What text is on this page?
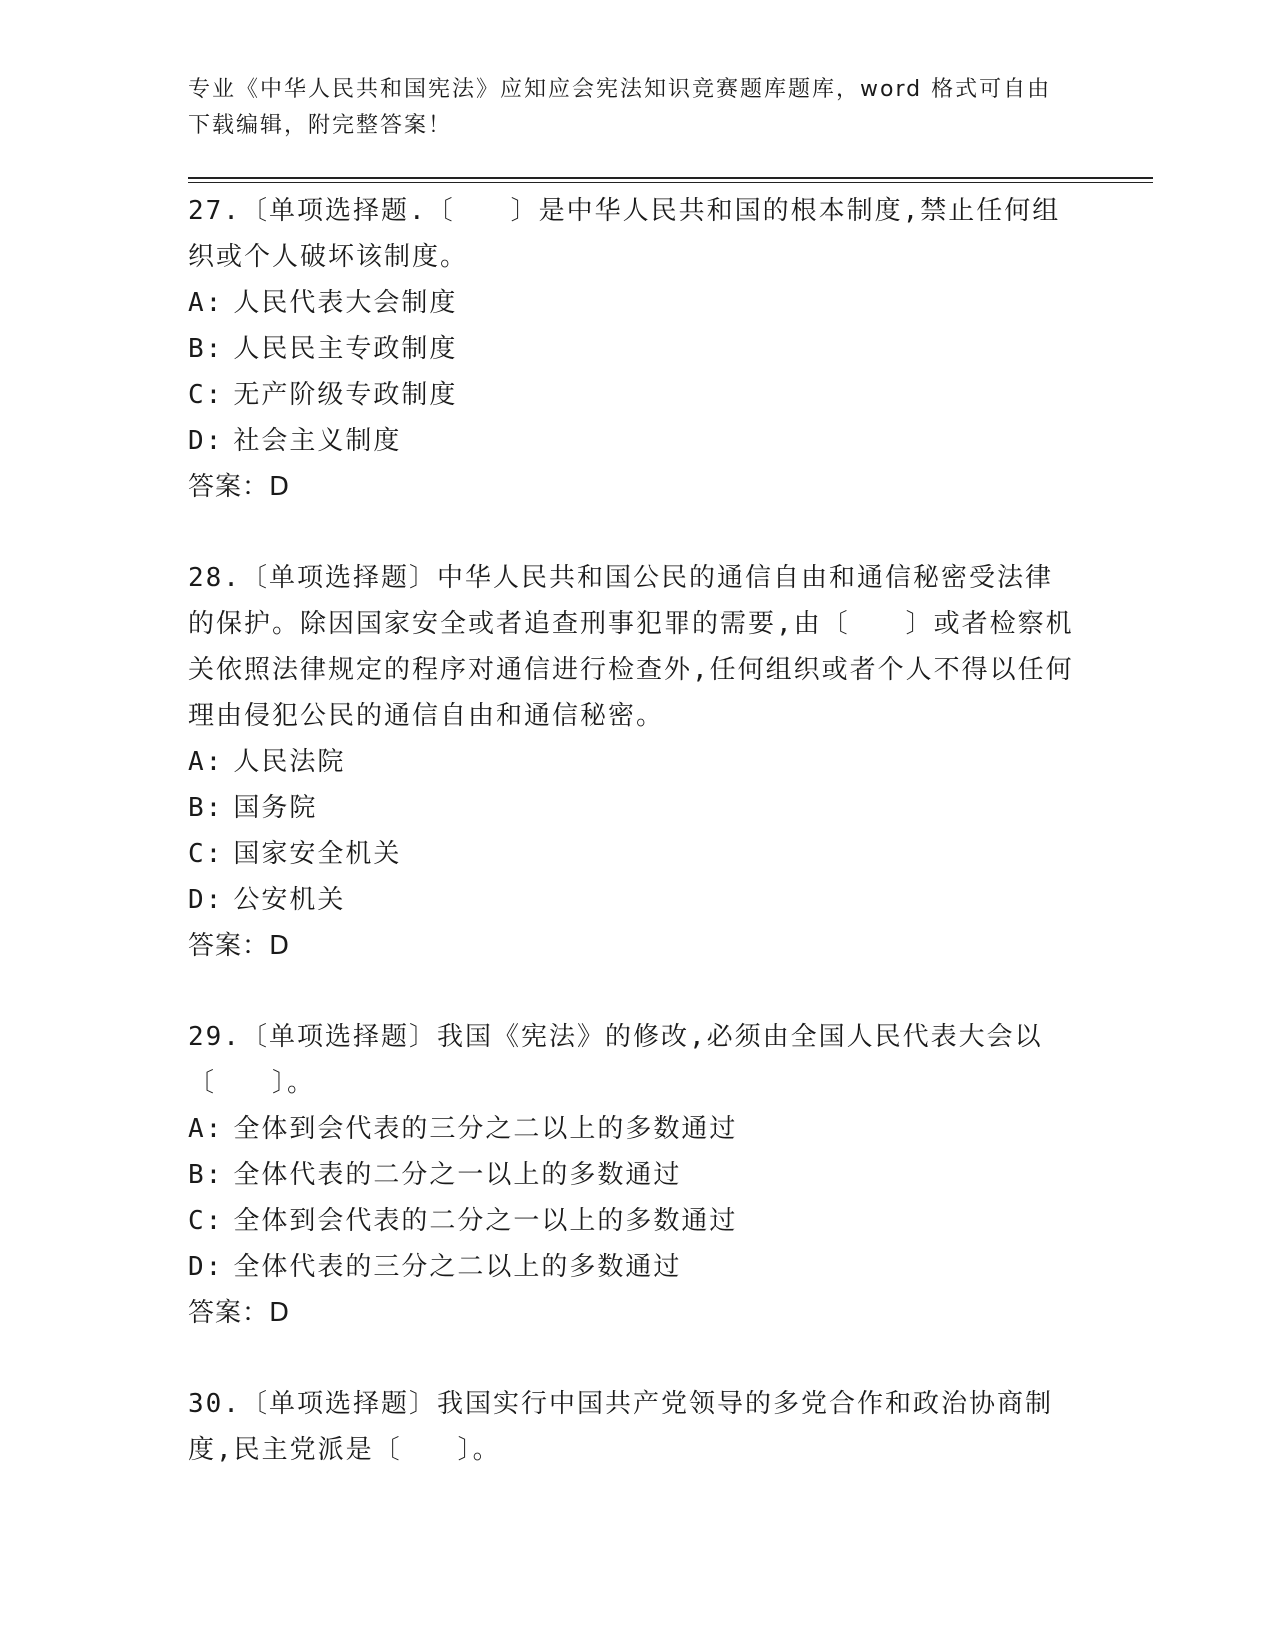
专业《中华人民共和国宪法》应知应会宪法知识竞赛题库题库，word 格式可自由
下载编辑，附完整答案！

27.〔单项选择题.〔　　〕是中华人民共和国的根本制度,禁止任何组织或个人破坏该制度。

A: 人民代表大会制度

B: 人民民主专政制度

C: 无产阶级专政制度

D: 社会主义制度

答案：D

28.〔单项选择题〕中华人民共和国公民的通信自由和通信秘密受法律的保护。除因国家安全或者追查刑事犯罪的需要,由〔　　〕或者检察机关依照法律规定的程序对通信进行检查外,任何组织或者个人不得以任何理由侵犯公民的通信自由和通信秘密。

A: 人民法院

B: 国务院

C: 国家安全机关

D: 公安机关

答案：D

29.〔单项选择题〕我国《宪法》的修改,必须由全国人民代表大会以〔　　〕。

A: 全体到会代表的三分之二以上的多数通过

B: 全体代表的二分之一以上的多数通过

C: 全体到会代表的二分之一以上的多数通过

D: 全体代表的三分之二以上的多数通过

答案：D

30.〔单项选择题〕我国实行中国共产党领导的多党合作和政治协商制度,民主党派是〔　　〕。
